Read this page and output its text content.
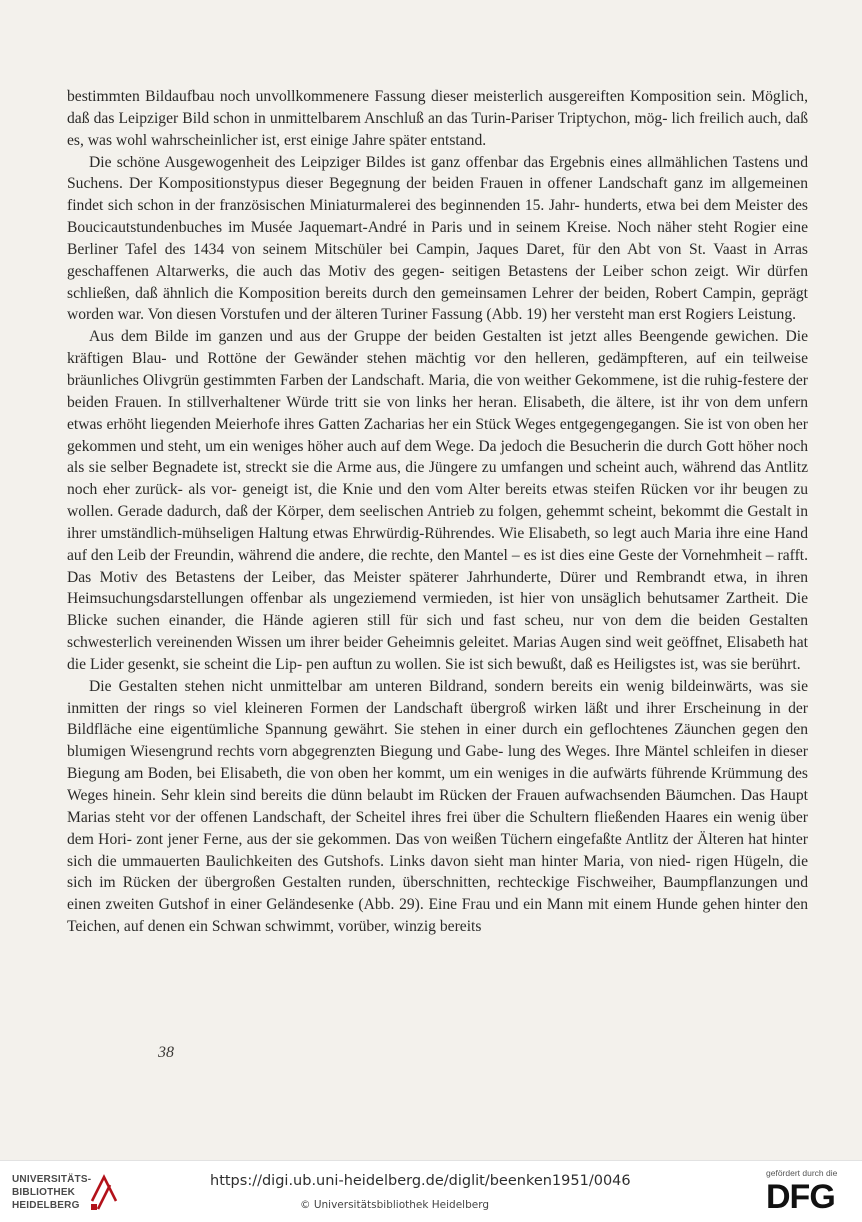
bestimmten Bildaufbau noch unvollkommenere Fassung dieser meisterlich ausgereiften Komposition sein. Möglich, daß das Leipziger Bild schon in unmittelbarem Anschluß an das Turin-Pariser Triptychon, mög- lich freilich auch, daß es, was wohl wahrscheinlicher ist, erst einige Jahre später entstand.

Die schöne Ausgewogenheit des Leipziger Bildes ist ganz offenbar das Ergebnis eines allmählichen Tastens und Suchens. Der Kompositionstypus dieser Begegnung der beiden Frauen in offener Landschaft ganz im allgemeinen findet sich schon in der französischen Miniaturmalerei des beginnenden 15. Jahr- hunderts, etwa bei dem Meister des Boucicautstundenbuches im Musée Jaquemart-André in Paris und in seinem Kreise. Noch näher steht Rogier eine Berliner Tafel des 1434 von seinem Mitschüler bei Campin, Jaques Daret, für den Abt von St. Vaast in Arras geschaffenen Altarwerks, die auch das Motiv des gegen- seitigen Betastens der Leiber schon zeigt. Wir dürfen schließen, daß ähnlich die Komposition bereits durch den gemeinsamen Lehrer der beiden, Robert Campin, geprägt worden war. Von diesen Vorstufen und der älteren Turiner Fassung (Abb. 19) her versteht man erst Rogiers Leistung.

Aus dem Bilde im ganzen und aus der Gruppe der beiden Gestalten ist jetzt alles Beengende gewichen. Die kräftigen Blau- und Rottöne der Gewänder stehen mächtig vor den helleren, gedämpfteren, auf ein teilweise bräunliches Olivgrün gestimmten Farben der Landschaft. Maria, die von weither Gekommene, ist die ruhig-festere der beiden Frauen. In stillverhaltener Würde tritt sie von links her heran. Elisabeth, die ältere, ist ihr von dem unfern etwas erhöht liegenden Meierhofe ihres Gatten Zacharias her ein Stück Weges entgegengegangen. Sie ist von oben her gekommen und steht, um ein weniges höher auch auf dem Wege. Da jedoch die Besucherin die durch Gott höher noch als sie selber Begnadete ist, streckt sie die Arme aus, die Jüngere zu umfangen und scheint auch, während das Antlitz noch eher zurück- als vor- geneigt ist, die Knie und den vom Alter bereits etwas steifen Rücken vor ihr beugen zu wollen. Gerade dadurch, daß der Körper, dem seelischen Antrieb zu folgen, gehemmt scheint, bekommt die Gestalt in ihrer umständlich-mühseligen Haltung etwas Ehrwürdig-Rührendes. Wie Elisabeth, so legt auch Maria ihre eine Hand auf den Leib der Freundin, während die andere, die rechte, den Mantel – es ist dies eine Geste der Vornehmheit – rafft. Das Motiv des Betastens der Leiber, das Meister späterer Jahrhunderte, Dürer und Rembrandt etwa, in ihren Heimsuchungsdarstellungen offenbar als ungeziemend vermieden, ist hier von unsäglich behutsamer Zartheit. Die Blicke suchen einander, die Hände agieren still für sich und fast scheu, nur von dem die beiden Gestalten schwesterlich vereinenden Wissen um ihrer beider Geheimnis geleitet. Marias Augen sind weit geöffnet, Elisabeth hat die Lider gesenkt, sie scheint die Lip- pen auftun zu wollen. Sie ist sich bewußt, daß es Heiligstes ist, was sie berührt.

Die Gestalten stehen nicht unmittelbar am unteren Bildrand, sondern bereits ein wenig bildeinwärts, was sie inmitten der rings so viel kleineren Formen der Landschaft übergroß wirken läßt und ihrer Erscheinung in der Bildfläche eine eigentümliche Spannung gewährt. Sie stehen in einer durch ein geflochtenes Zäunchen gegen den blumigen Wiesengrund rechts vorn abgegrenzten Biegung und Gabe- lung des Weges. Ihre Mäntel schleifen in dieser Biegung am Boden, bei Elisabeth, die von oben her kommt, um ein weniges in die aufwärts führende Krümmung des Weges hinein. Sehr klein sind bereits die dünn belaubt im Rücken der Frauen aufwachsenden Bäumchen. Das Haupt Marias steht vor der offenen Landschaft, der Scheitel ihres frei über die Schultern fließenden Haares ein wenig über dem Hori- zont jener Ferne, aus der sie gekommen. Das von weißen Tüchern eingefaßte Antlitz der Älteren hat hinter sich die ummauerten Baulichkeiten des Gutshofs. Links davon sieht man hinter Maria, von nied- rigen Hügeln, die sich im Rücken der übergroßen Gestalten runden, überschnitten, rechteckige Fischweiher, Baumpflanzungen und einen zweiten Gutshof in einer Geländesenke (Abb. 29). Eine Frau und ein Mann mit einem Hunde gehen hinter den Teichen, auf denen ein Schwan schwimmt, vorüber, winzig bereits

38
UNIVERSITÄTS-
BIBLIOTHEK
HEIDELBERG
https://digi.ub.uni-heidelberg.de/diglit/beenken1951/0046
© Universitätsbibliothek Heidelberg
gefördert durch die
DFG
